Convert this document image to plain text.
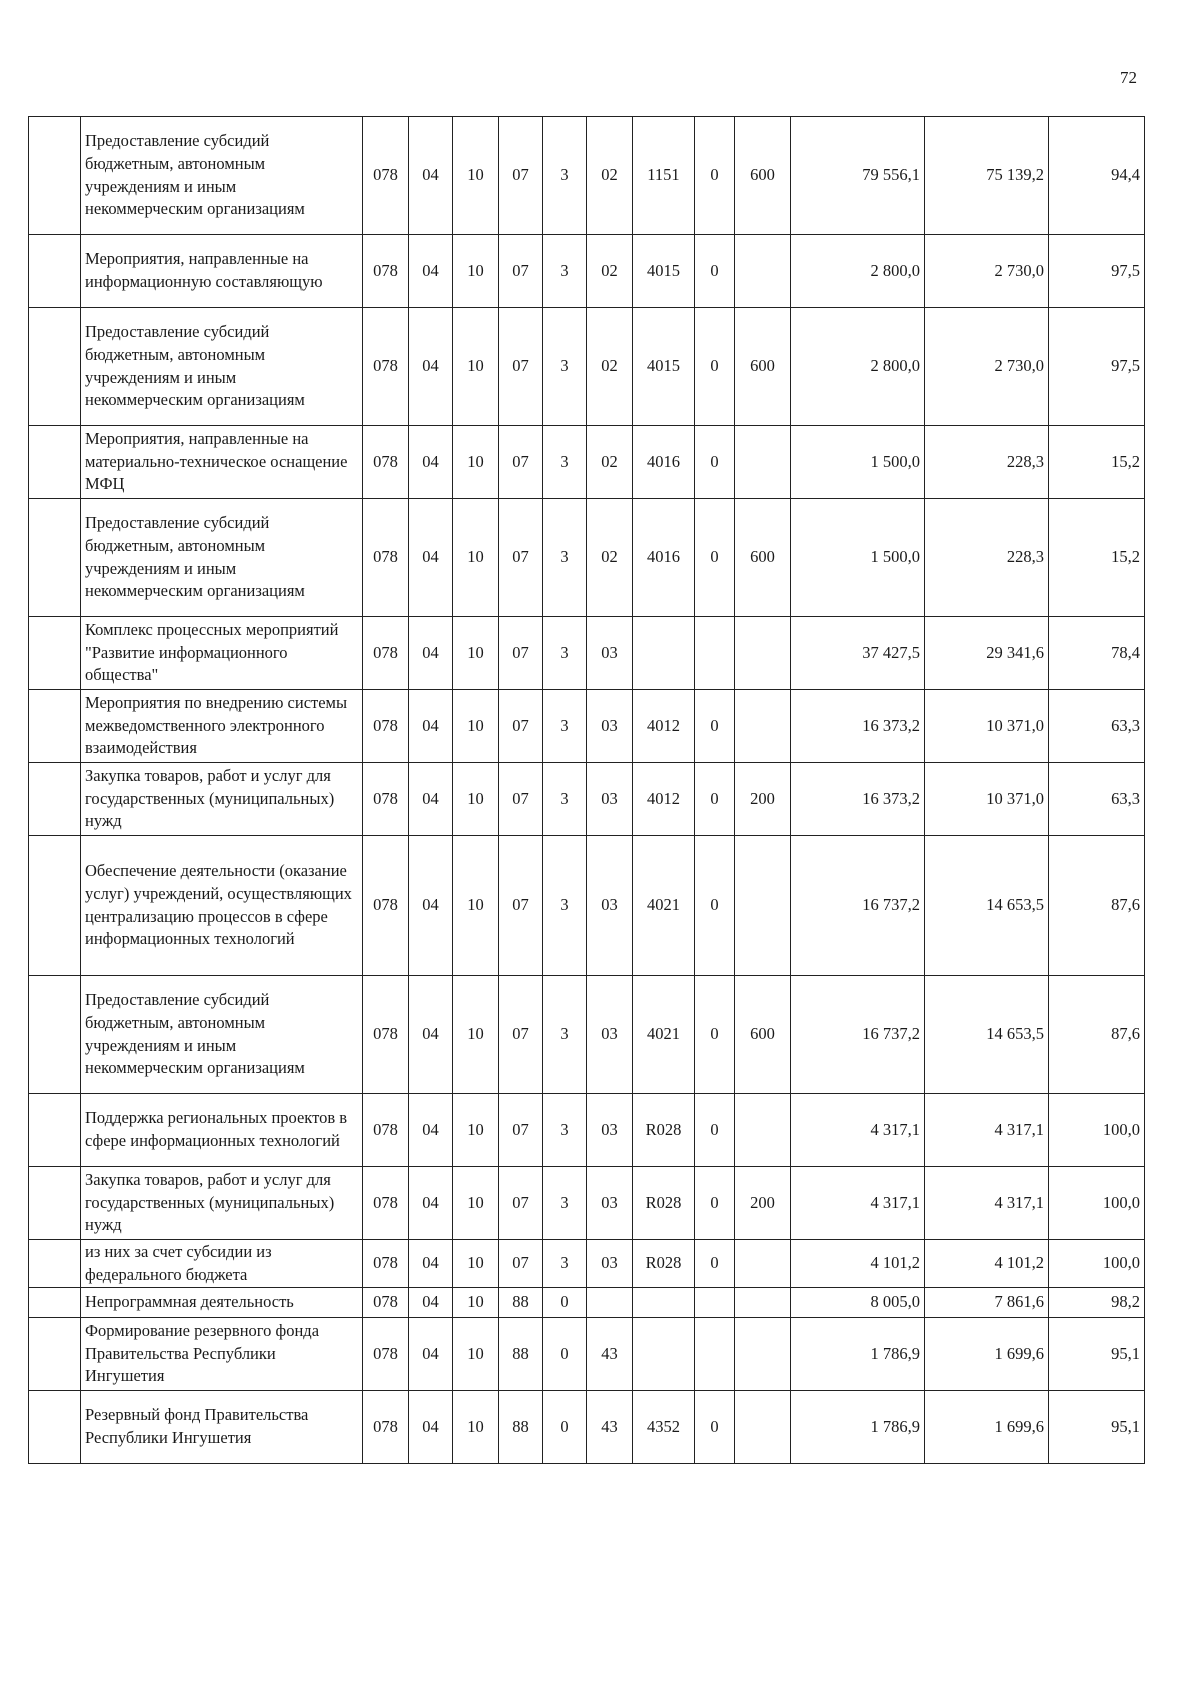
72
	Предоставление субсидий бюджетным, автономным учреждениям и иным некоммерческим организациям	078	04	10	07	3	02	1151	0	600	79 556,1	75 139,2	94,4
	Мероприятия, направленные на информационную составляющую	078	04	10	07	3	02	4015	0		2 800,0	2 730,0	97,5
	Предоставление субсидий бюджетным, автономным учреждениям и иным некоммерческим организациям	078	04	10	07	3	02	4015	0	600	2 800,0	2 730,0	97,5
	Мероприятия, направленные на материально-техническое оснащение МФЦ	078	04	10	07	3	02	4016	0		1 500,0	228,3	15,2
	Предоставление субсидий бюджетным, автономным учреждениям и иным некоммерческим организациям	078	04	10	07	3	02	4016	0	600	1 500,0	228,3	15,2
	Комплекс процессных мероприятий "Развитие информационного общества"	078	04	10	07	3	03				37 427,5	29 341,6	78,4
	Мероприятия по внедрению системы межведомственного электронного взаимодействия	078	04	10	07	3	03	4012	0		16 373,2	10 371,0	63,3
	Закупка товаров, работ и услуг для государственных (муниципальных) нужд	078	04	10	07	3	03	4012	0	200	16 373,2	10 371,0	63,3
	Обеспечение деятельности (оказание услуг) учреждений, осуществляющих централизацию процессов в сфере информационных технологий	078	04	10	07	3	03	4021	0		16 737,2	14 653,5	87,6
	Предоставление субсидий бюджетным, автономным учреждениям и иным некоммерческим организациям	078	04	10	07	3	03	4021	0	600	16 737,2	14 653,5	87,6
	Поддержка региональных проектов в сфере информационных технологий	078	04	10	07	3	03	R028	0		4 317,1	4 317,1	100,0
	Закупка товаров, работ и услуг для государственных (муниципальных) нужд	078	04	10	07	3	03	R028	0	200	4 317,1	4 317,1	100,0
	из них за счет субсидии из федерального бюджета	078	04	10	07	3	03	R028	0		4 101,2	4 101,2	100,0
	Непрограммная деятельность	078	04	10	88	0					8 005,0	7 861,6	98,2
	Формирование резервного фонда Правительства Республики Ингушетия	078	04	10	88	0	43				1 786,9	1 699,6	95,1
	Резервный фонд Правительства Республики Ингушетия	078	04	10	88	0	43	4352	0		1 786,9	1 699,6	95,1
